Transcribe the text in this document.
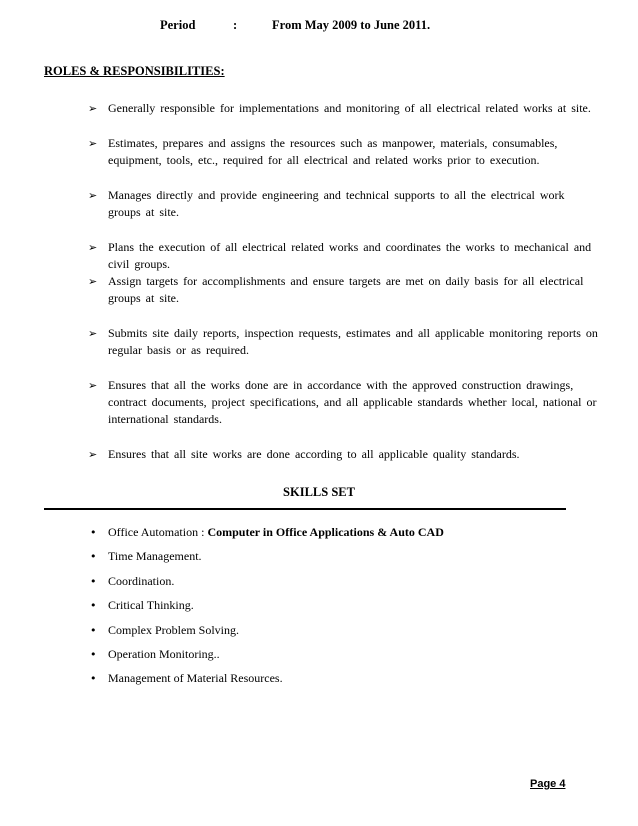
Period	:	From May 2009 to June 2011.
ROLES & RESPONSIBILITIES:
➢ Generally responsible for implementations and monitoring of all electrical related works at site.
➢ Estimates, prepares and assigns the resources such as manpower, materials, consumables, equipment, tools, etc., required for all electrical and related works prior to execution.
➢ Manages directly and provide engineering and technical supports to all the electrical work groups at site.
➢ Plans the execution of all electrical related works and coordinates the works to mechanical and civil groups.
➢ Assign targets for accomplishments and ensure targets are met on daily basis for all electrical groups at site.
➢ Submits site daily reports, inspection requests, estimates and all applicable monitoring reports on regular basis or as required.
➢ Ensures that all the works done are in accordance with the approved construction drawings, contract documents, project specifications, and all applicable standards whether local, national or international standards.
➢ Ensures that all site works are done according to all applicable quality standards.
SKILLS SET
• Office Automation : Computer in Office Applications & Auto CAD
• Time Management.
• Coordination.
• Critical Thinking.
• Complex Problem Solving.
• Operation Monitoring..
• Management of Material Resources.
Page 4
